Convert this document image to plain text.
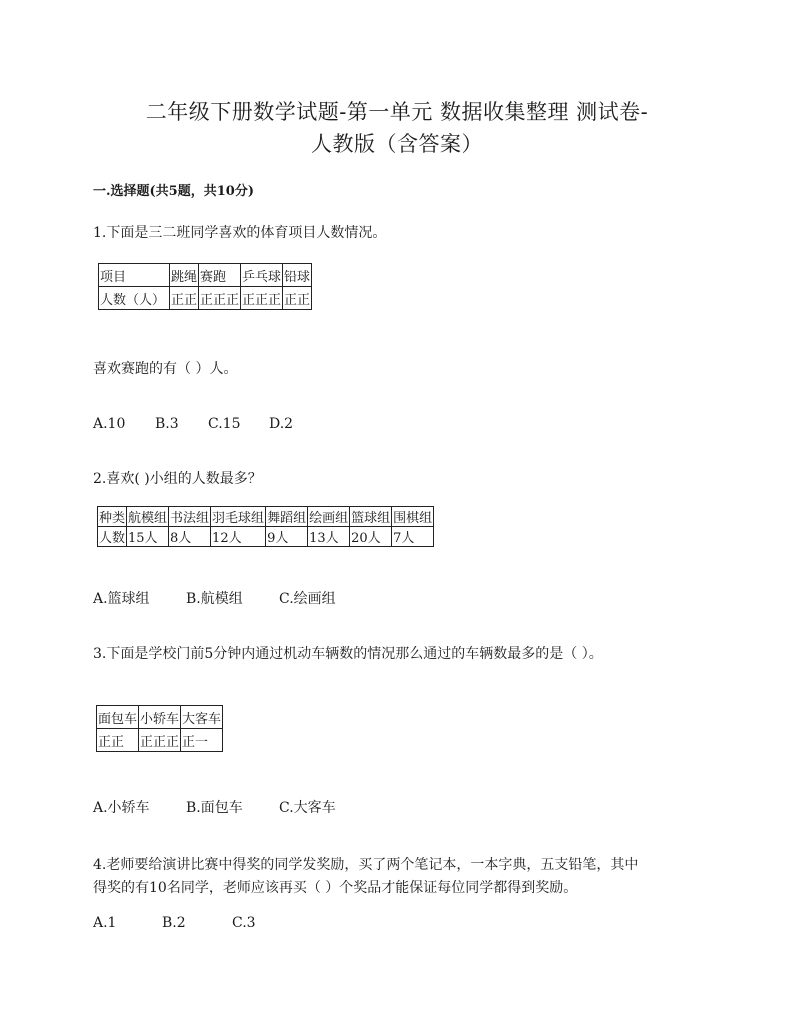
二年级下册数学试题-第一单元 数据收集整理 测试卷-
人教版（含答案）
一.选择题(共5题，共10分)
1.下面是三二班同学喜欢的体育项目人数情况。
项目	跳绳	赛跑	乒乓球	铅球
人数（人）	正正	正正正	正正正	正正
喜欢赛跑的有（ ）人。
A.10 B.3 C.15 D.2
2.喜欢( )小组的人数最多？
种类	航模组	书法组	羽毛球组	舞蹈组	绘画组	篮球组	围棋组
人数	15人	8人	12人	9人	13人	20人	7人
A.篮球组	B.航模组	C.绘画组
3.下面是学校门前5分钟内通过机动车辆数的情况那么通过的车辆数最多的是（ ）。
面包车	小轿车	大客车
正正	正正正	正一
A.小轿车	B.面包车	C.大客车
4.老师要给演讲比赛中得奖的同学发奖励，买了两个笔记本，一本字典，五支铅笔，其中
得奖的有10名同学，老师应该再买（ ）个奖品才能保证每位同学都得到奖励。
A.1	B.2	C.3
